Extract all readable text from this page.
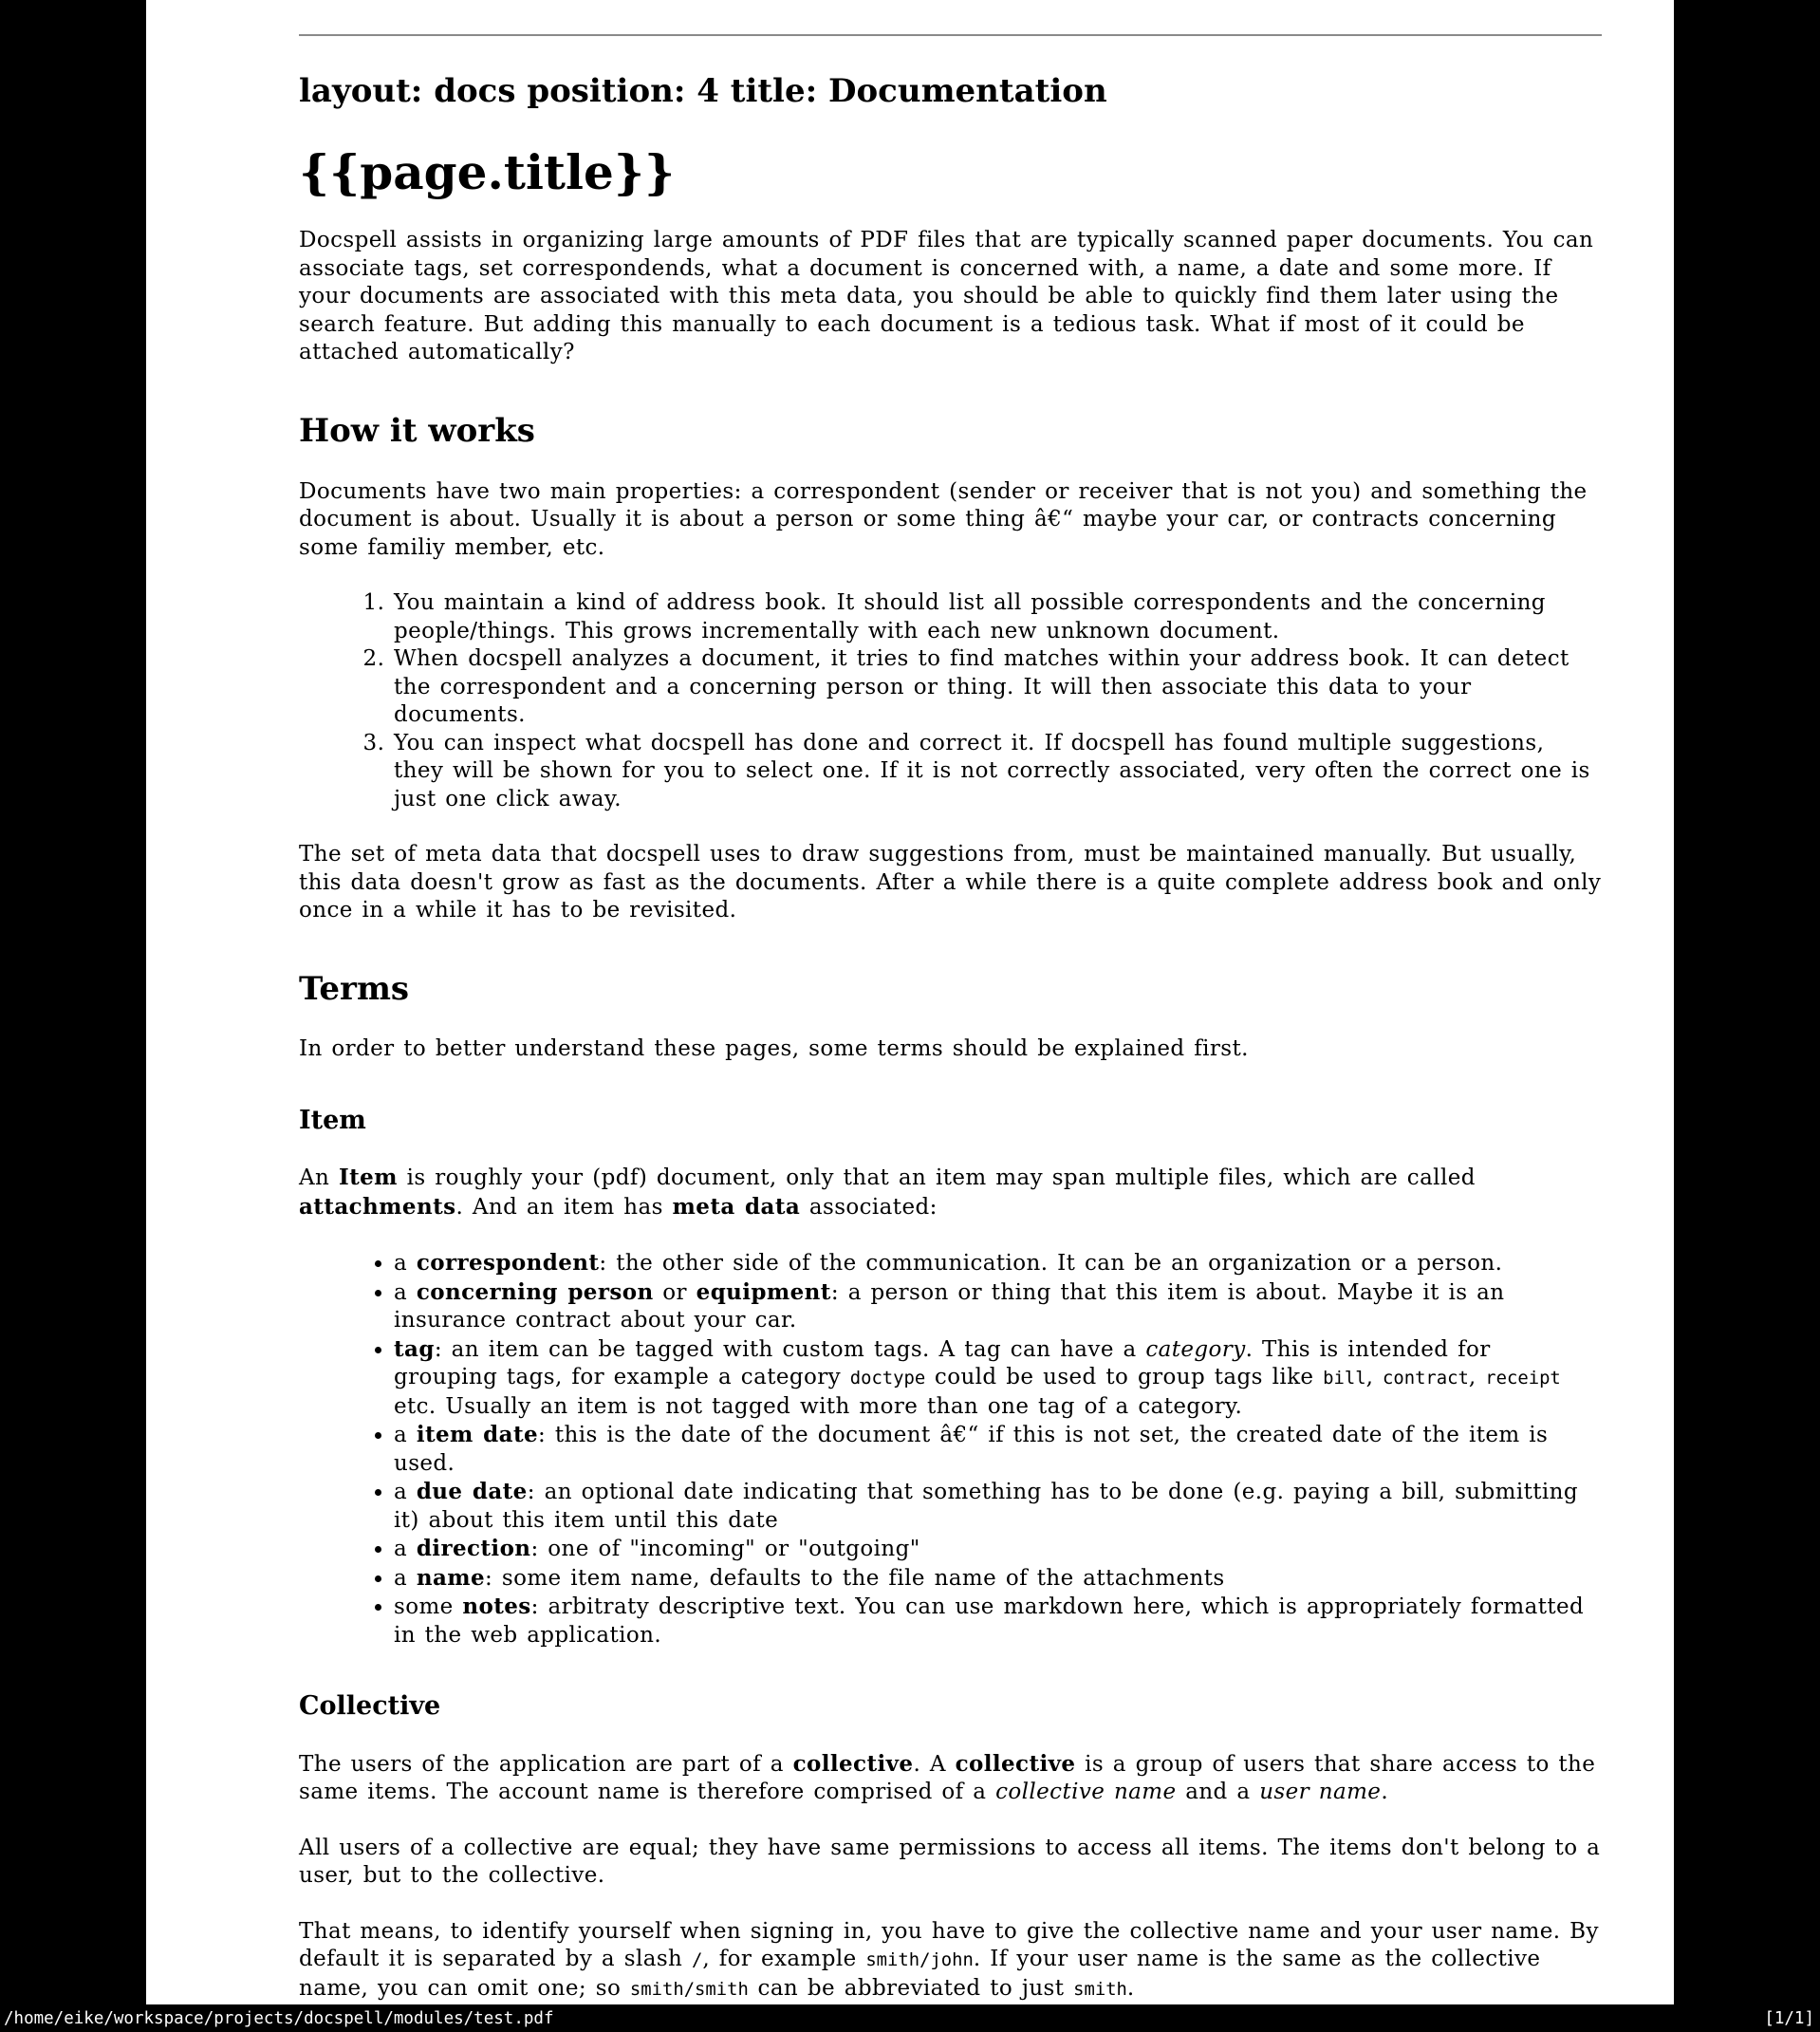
layout: docs position: 4 title: Documentation
{{page.title}}

Docspell assists in organizing large amounts of PDF files that are typically scanned paper documents. You can associate tags, set correspondends, what a document is concerned with, a name, a date and some more. If your documents are associated with this meta data, you should be able to quickly find them later using the search feature. But adding this manually to each document is a tedious task. What if most of it could be attached automatically?

How it works

Documents have two main properties: a correspondent (sender or receiver that is not you) and something the document is about. Usually it is about a person or some thing â€“ maybe your car, or contracts concerning some familiy member, etc.

1. You maintain a kind of address book. It should list all possible correspondents and the concerning people/things. This grows incrementally with each new unknown document.
2. When docspell analyzes a document, it tries to find matches within your address book. It can detect the correspondent and a concerning person or thing. It will then associate this data to your documents.
3. You can inspect what docspell has done and correct it. If docspell has found multiple suggestions, they will be shown for you to select one. If it is not correctly associated, very often the correct one is just one click away.

The set of meta data that docspell uses to draw suggestions from, must be maintained manually. But usually, this data doesn't grow as fast as the documents. After a while there is a quite complete address book and only once in a while it has to be revisited.

Terms

In order to better understand these pages, some terms should be explained first.

Item

An Item is roughly your (pdf) document, only that an item may span multiple files, which are called attachments. And an item has meta data associated:

• a correspondent: the other side of the communication. It can be an organization or a person.
• a concerning person or equipment: a person or thing that this item is about. Maybe it is an insurance contract about your car.
• tag: an item can be tagged with custom tags. A tag can have a category. This is intended for grouping tags, for example a category doctype could be used to group tags like bill, contract, receipt etc. Usually an item is not tagged with more than one tag of a category.
• a item date: this is the date of the document â€“ if this is not set, the created date of the item is used.
• a due date: an optional date indicating that something has to be done (e.g. paying a bill, submitting it) about this item until this date
• a direction: one of "incoming" or "outgoing"
• a name: some item name, defaults to the file name of the attachments
• some notes: arbitraty descriptive text. You can use markdown here, which is appropriately formatted in the web application.
Collective

The users of the application are part of a collective. A collective is a group of users that share access to the same items. The account name is therefore comprised of a collective name and a user name.

All users of a collective are equal; they have same permissions to access all items. The items don't belong to a user, but to the collective.

That means, to identify yourself when signing in, you have to give the collective name and your user name. By default it is separated by a slash /, for example smith/john. If your user name is the same as the collective name, you can omit one; so smith/smith can be abbreviated to just smith.

/home/eike/workspace/projects/docspell/modules/test.pdf	[1/1]
